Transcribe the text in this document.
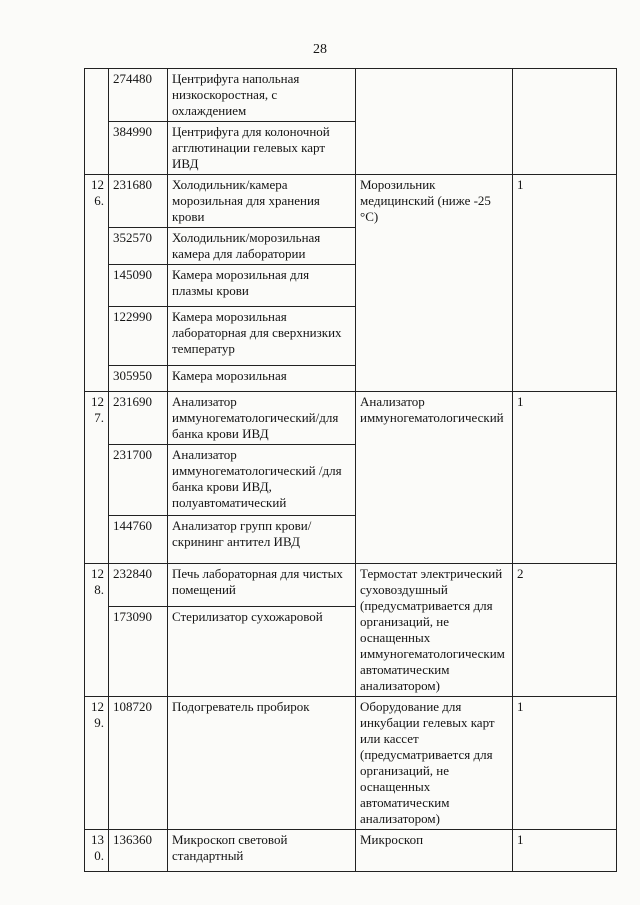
28
	274480	Центрифуга напольная низкоскоростная, с охлаждением		
	384990	Центрифуга для колоночной агглютинации гелевых карт ИВД		
126.	231680	Холодильник/камера морозильная для хранения крови	Морозильник медицинский (ниже -25 °С)	1
	352570	Холодильник/морозильная камера для лаборатории		
	145090	Камера морозильная для плазмы крови		
	122990	Камера морозильная лабораторная для сверхнизких температур		
	305950	Камера морозильная		
127.	231690	Анализатор иммуногематологический/для банка крови ИВД	Анализатор иммуногематологический	1
	231700	Анализатор иммуногематологический /для банка крови ИВД, полуавтоматический		
	144760	Анализатор групп крови/скрининг антител ИВД		
128.	232840	Печь лабораторная для чистых помещений	Термостат электрический суховоздушный (предусматривается для организаций, не оснащенных иммуногематологическим автоматическим анализатором)	2
	173090	Стерилизатор сухожаровой		
129.	108720	Подогреватель пробирок	Оборудование для инкубации гелевых карт или кассет (предусматривается для организаций, не оснащенных автоматическим анализатором)	1
130.	136360	Микроскоп световой стандартный	Микроскоп	1
